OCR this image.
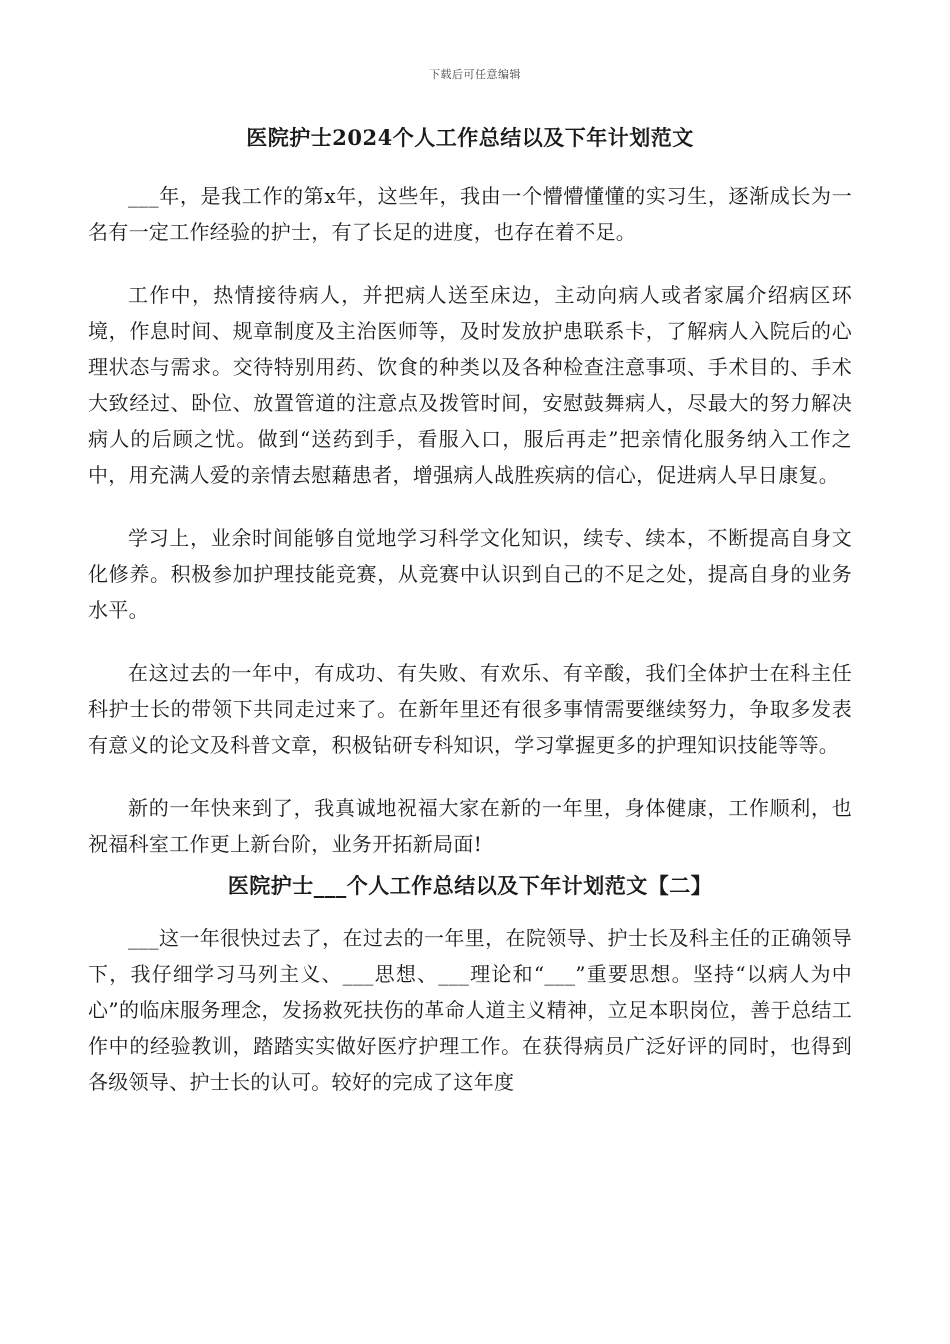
下载后可任意编辑
医院护士2024个人工作总结以及下年计划范文

___年，是我工作的第x年，这些年，我由一个懵懵懂懂的实习生，逐渐成长为一名有一定工作经验的护士，有了长足的进度，也存在着不足。

工作中，热情接待病人，并把病人送至床边，主动向病人或者家属介绍病区环境，作息时间、规章制度及主治医师等，及时发放护患联系卡，了解病人入院后的心理状态与需求。交待特别用药、饮食的种类以及各种检查注意事项、手术目的、手术大致经过、卧位、放置管道的注意点及拨管时间，安慰鼓舞病人，尽最大的努力解决病人的后顾之忧。做到“送药到手，看服入口，服后再走”把亲情化服务纳入工作之中，用充满人爱的亲情去慰藉患者，增强病人战胜疾病的信心，促进病人早日康复。

学习上，业余时间能够自觉地学习科学文化知识，续专、续本，不断提高自身文化修养。积极参加护理技能竞赛，从竞赛中认识到自己的不足之处，提高自身的业务水平。

在这过去的一年中，有成功、有失败、有欢乐、有辛酸，我们全体护士在科主任科护士长的带领下共同走过来了。在新年里还有很多事情需要继续努力，争取多发表有意义的论文及科普文章，积极钻研专科知识，学习掌握更多的护理知识技能等等。

新的一年快来到了，我真诚地祝福大家在新的一年里，身体健康，工作顺利，也祝福科室工作更上新台阶，业务开拓新局面!

医院护士___个人工作总结以及下年计划范文【二】

___这一年很快过去了，在过去的一年里，在院领导、护士长及科主任的正确领导下，我仔细学习马列主义、___思想、___理论和“___”重要思想。坚持“以病人为中心”的临床服务理念，发扬救死扶伤的革命人道主义精神，立足本职岗位，善于总结工作中的经验教训，踏踏实实做好医疗护理工作。在获得病员广泛好评的同时，也得到各级领导、护士长的认可。较好的完成了这年度
